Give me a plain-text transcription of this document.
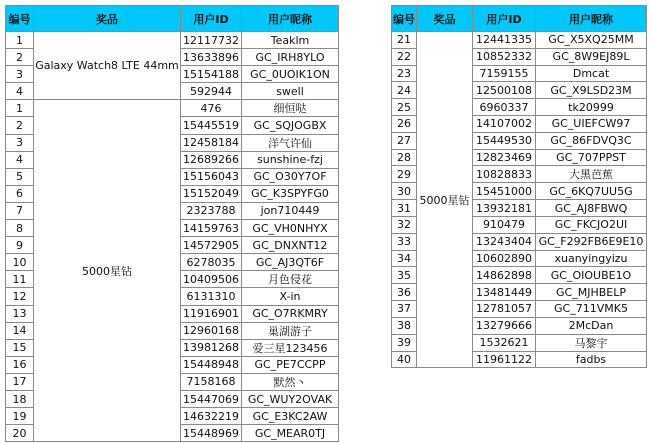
编号	奖品	用户ID	用户昵称
1	Galaxy Watch8 LTE 44mm	12117732	Teaklm
2		13633896	GC_IRH8YLO
3		15154188	GC_0UOIK1ON
4		592944	swell
1	5000星钻	476	细恒哒
2		15445519	GC_SQJOGBX
3		12458184	洋气许仙
4		12689266	sunshine-fzj
5		15156043	GC_O30Y7OF
6		15152049	GC_K3SPYFG0
7		2323788	jon710449
8		14159763	GC_VH0NHYX
9		14572905	GC_DNXNT12
10		6278035	GC_AJ3QT6F
11		10409506	月色侵花
12		6131310	X-in
13		11916901	GC_O7RKMRY
14		12960168	巢湖游子
15		13981268	爱三星123456
16		15448948	GC_PE7CCPP
17		7158168	默然丶
18		15447069	GC_WUY2OVAK
19		14632219	GC_E3KC2AW
20		15448969	GC_MEAR0TJ
编号	奖品	用户ID	用户昵称
21	5000星钻	12441335	GC_X5XQ25MM
22		10852332	GC_8W9EJ89L
23		7159155	Dmcat
24		12500108	GC_X9LSD23M
25		6960337	tk20999
26		14107002	GC_UIEFCW97
27		15449530	GC_86FDVQ3C
28		12823469	GC_707PPST
29		10828833	大黑芭蕉
30		15451000	GC_6KQ7UU5G
31		13932181	GC_AJ8FBWQ
32		910479	GC_FKCJO2UI
33		13243404	GC_F292FB6E9E10
34		10602890	xuanyingyizu
35		14862898	GC_OIOUBE1O
36		13481449	GC_MJHBELP
37		12781057	GC_711VMK5
38		13279666	2McDan
39		1532621	马黎宇
40		11961122	fadbs
